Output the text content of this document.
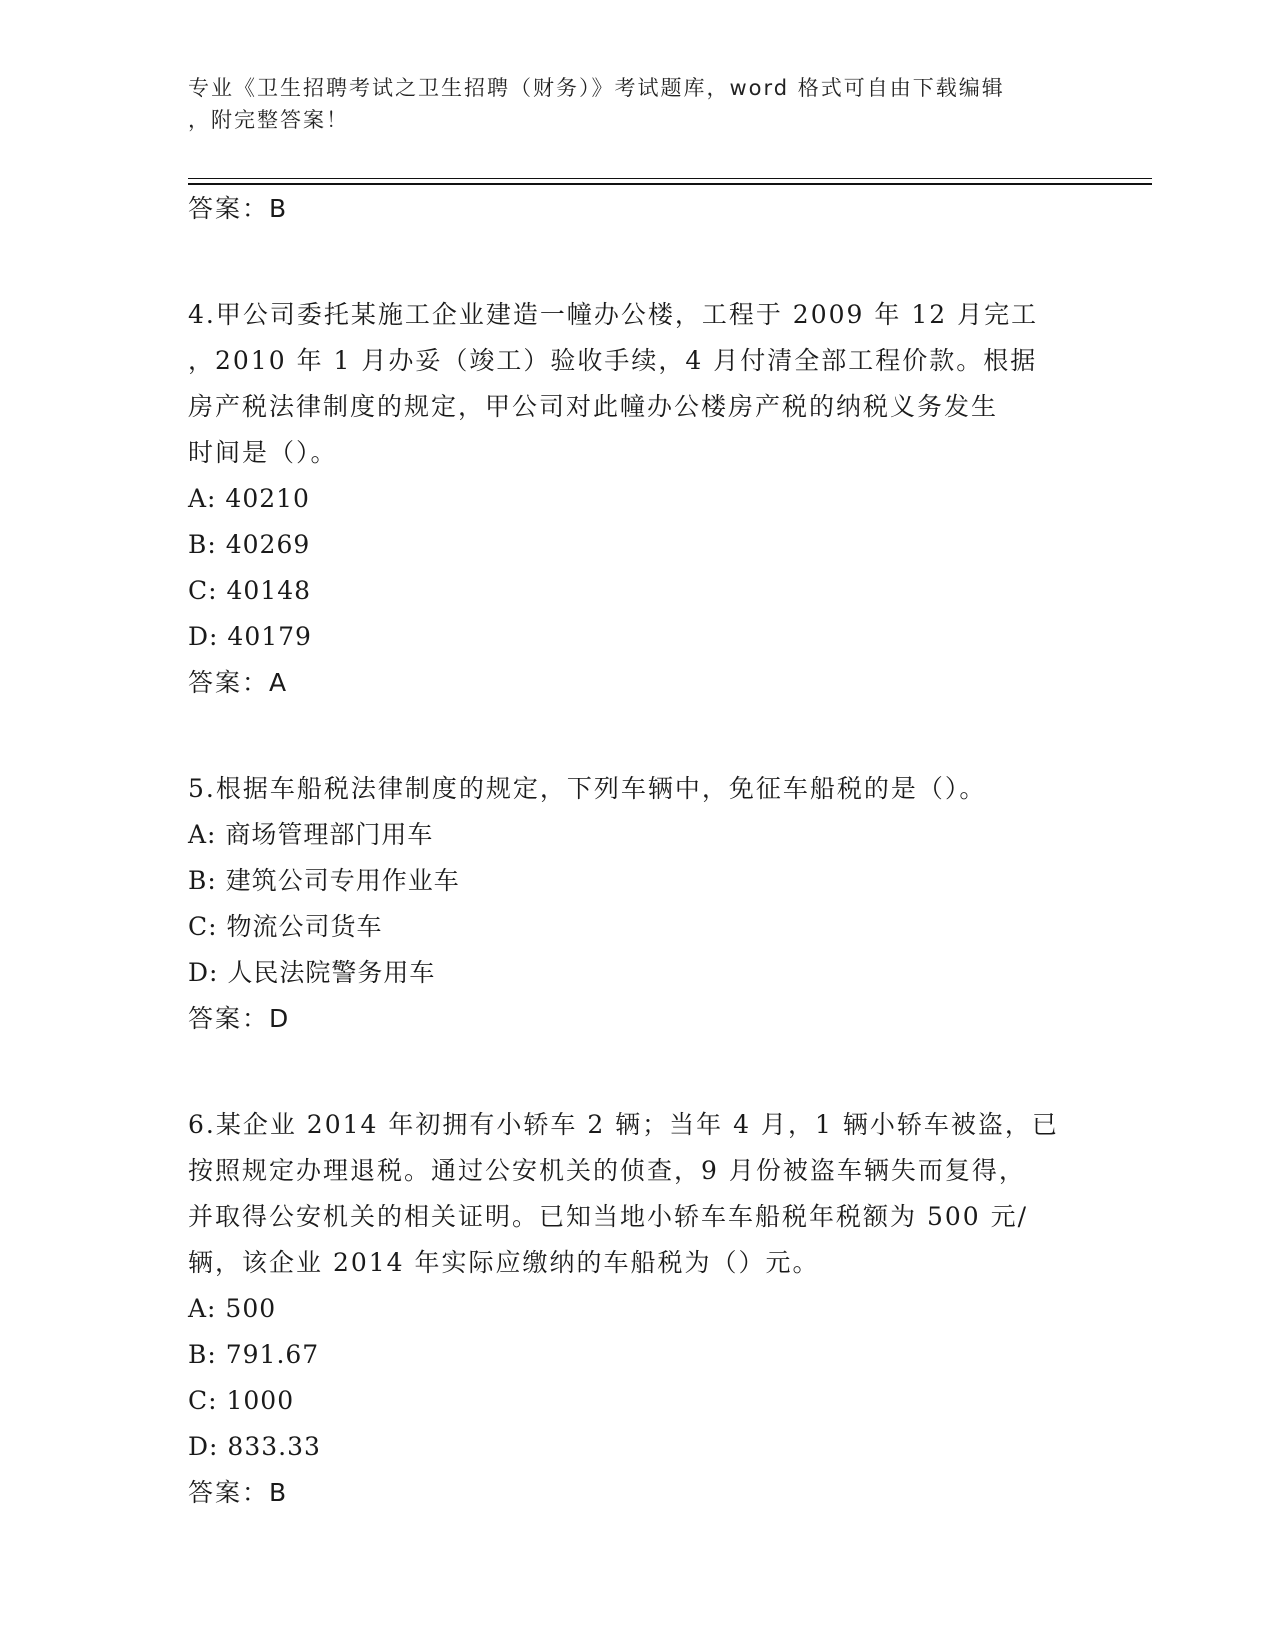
专业《卫生招聘考试之卫生招聘（财务）》考试题库，word 格式可自由下载编辑
，附完整答案！
答案：B
4.甲公司委托某施工企业建造一幢办公楼，工程于 2009 年 12 月完工
，2010 年 1 月办妥（竣工）验收手续，4 月付清全部工程价款。根据
房产税法律制度的规定，甲公司对此幢办公楼房产税的纳税义务发生
时间是（）。
A: 40210
B: 40269
C: 40148
D: 40179
答案：A
5.根据车船税法律制度的规定，下列车辆中，免征车船税的是（）。
A: 商场管理部门用车
B: 建筑公司专用作业车
C: 物流公司货车
D: 人民法院警务用车
答案：D
6.某企业 2014 年初拥有小轿车 2 辆；当年 4 月，1 辆小轿车被盗，已
按照规定办理退税。通过公安机关的侦查，9 月份被盗车辆失而复得，
并取得公安机关的相关证明。已知当地小轿车车船税年税额为 500 元/
辆，该企业 2014 年实际应缴纳的车船税为（）元。
A: 500
B: 791.67
C: 1000
D: 833.33
答案：B
